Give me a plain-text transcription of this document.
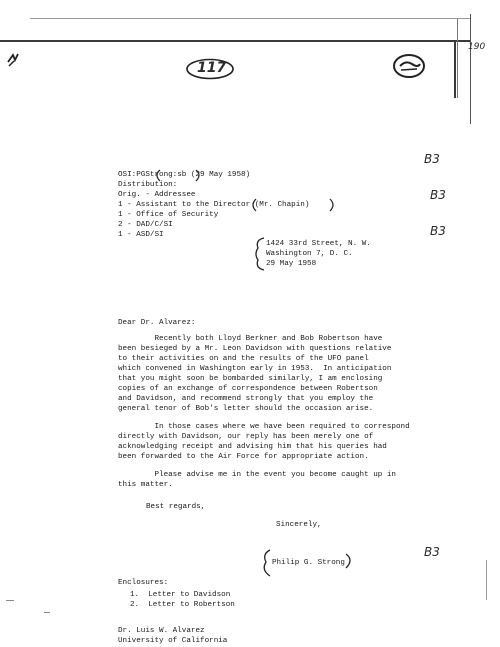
117
190
OSI:PGStrong:sb (29 May 1958)
Distribution:
Orig. - Addressee
1 - Assistant to the Director (Mr. Chapin)
1 - Office of Security
2 - DAD/C/SI
1 - ASD/SI
B3
B3
B3
B3
1424 33rd Street, N. W.
Washington 7, D. C.
29 May 1958
Dear Dr. Alvarez:
Recently both Lloyd Berkner and Bob Robertson have
been besieged by a Mr. Leon Davidson with questions relative
to their activities on and the results of the UFO panel
which convened in Washington early in 1953.  In anticipation
that you might soon be bombarded similarly, I am enclosing
copies of an exchange of correspondence between Robertson
and Davidson, and recommend strongly that you employ the
general tenor of Bob's letter should the occasion arise.
In those cases where we have been required to correspond
directly with Davidson, our reply has been merely one of
acknowledging receipt and advising him that his queries had
been forwarded to the Air Force for appropriate action.
Please advise me in the event you become caught up in
this matter.
Best regards,
Sincerely,
Philip G. Strong
Enclosures:
1.  Letter to Davidson
2.  Letter to Robertson
Dr. Luis W. Alvarez
University of California
